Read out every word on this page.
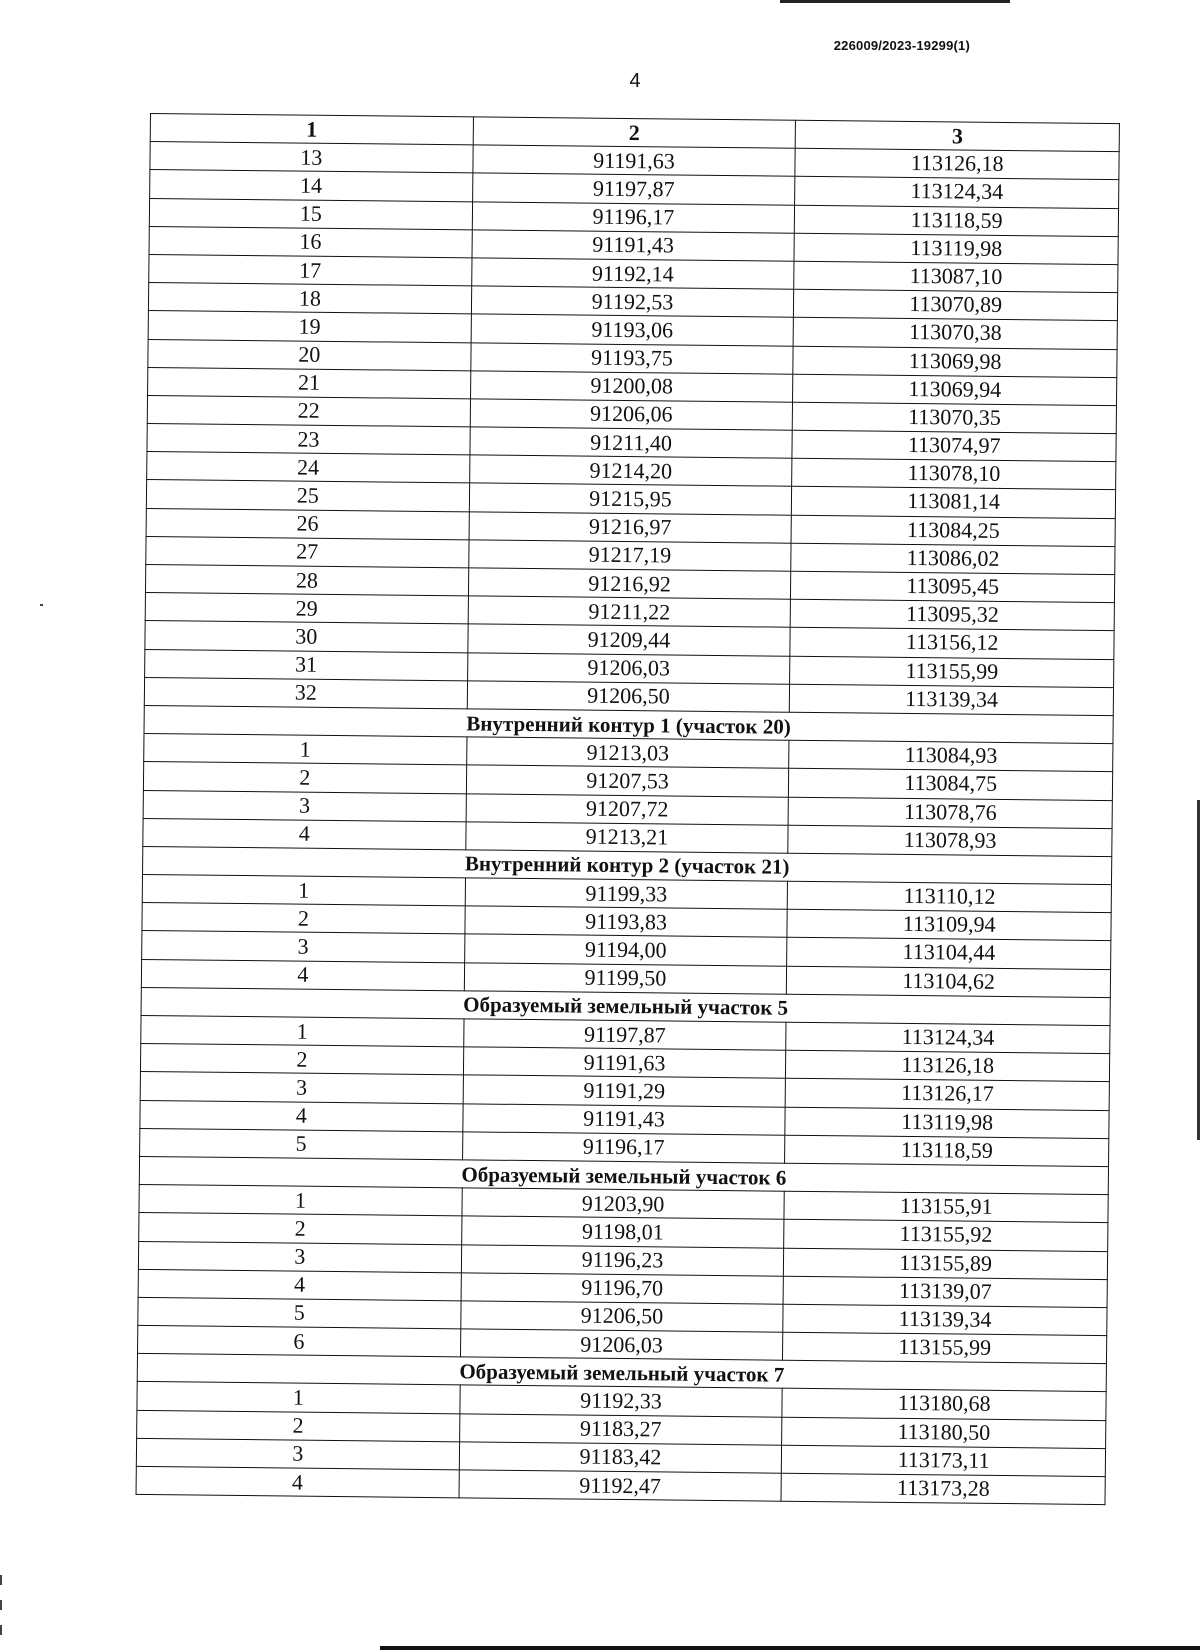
226009/2023-19299(1)
4
1	2	3
13	91191,63	113126,18
14	91197,87	113124,34
15	91196,17	113118,59
16	91191,43	113119,98
17	91192,14	113087,10
18	91192,53	113070,89
19	91193,06	113070,38
20	91193,75	113069,98
21	91200,08	113069,94
22	91206,06	113070,35
23	91211,40	113074,97
24	91214,20	113078,10
25	91215,95	113081,14
26	91216,97	113084,25
27	91217,19	113086,02
28	91216,92	113095,45
29	91211,22	113095,32
30	91209,44	113156,12
31	91206,03	113155,99
32	91206,50	113139,34
Внутренний контур 1 (участок 20)		
1	91213,03	113084,93
2	91207,53	113084,75
3	91207,72	113078,76
4	91213,21	113078,93
Внутренний контур 2 (участок 21)		
1	91199,33	113110,12
2	91193,83	113109,94
3	91194,00	113104,44
4	91199,50	113104,62
Образуемый земельный участок 5		
1	91197,87	113124,34
2	91191,63	113126,18
3	91191,29	113126,17
4	91191,43	113119,98
5	91196,17	113118,59
Образуемый земельный участок 6		
1	91203,90	113155,91
2	91198,01	113155,92
3	91196,23	113155,89
4	91196,70	113139,07
5	91206,50	113139,34
6	91206,03	113155,99
Образуемый земельный участок 7		
1	91192,33	113180,68
2	91183,27	113180,50
3	91183,42	113173,11
4	91192,47	113173,28
